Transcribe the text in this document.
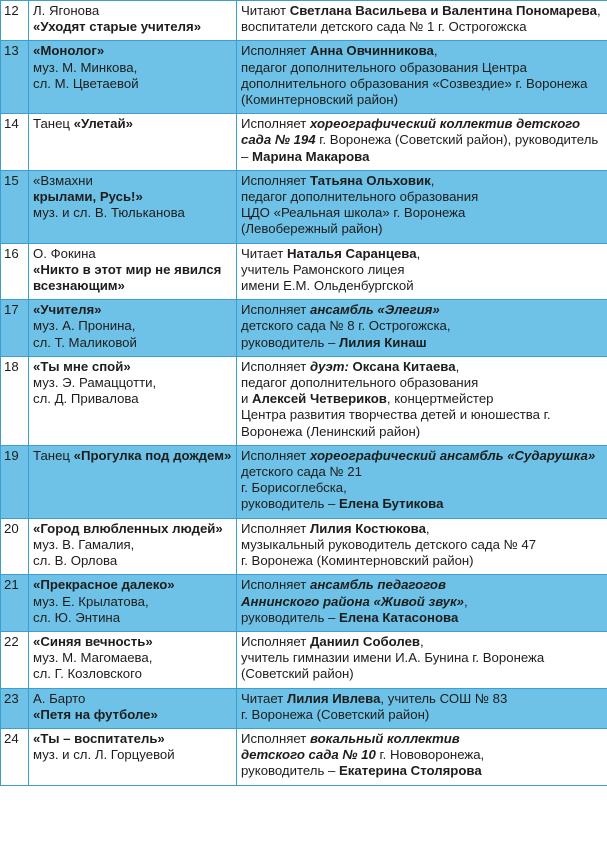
12	Л. Ягонова
«Уходят старые учителя»	Читают Светлана Васильева и Валентина Пономарева, воспитатели детского сада № 1 г. Острогожска
13	«Монолог»
муз. М. Минкова,
сл. М. Цветаевой	Исполняет Анна Овчинникова,
педагог дополнительного образования Центра дополнительного образования «Созвездие» г. Воронежа (Коминтерновский район)
14	Танец «Улетай»	Исполняет хореографический коллектив детского сада № 194 г. Воронежа (Советский район), руководитель – Марина Макарова
15	«Взмахни
крылами, Русь!»
муз. и сл. В. Тюльканова	Исполняет Татьяна Ольховик,
педагог дополнительного образования
ЦДО «Реальная школа» г. Воронежа
(Левобережный район)
16	О. Фокина
«Никто в этот мир не явился всезнающим»	Читает Наталья Саранцева,
учитель Рамонского лицея
имени Е.М. Ольденбургской
17	«Учителя»
муз. А. Пронина,
сл. Т. Маликовой	Исполняет ансамбль «Элегия»
детского сада № 8 г. Острогожска,
руководитель – Лилия Кинаш
18	«Ты мне спой»
муз. Э. Рамаццотти,
сл. Д. Привалова	Исполняет дуэт: Оксана Китаева,
педагог дополнительного образования
и Алексей Четвериков, концертмейстер
Центра развития творчества детей и юношества г. Воронежа (Ленинский район)
19	Танец «Прогулка под дождем»	Исполняет хореографический ансамбль «Сударушка» детского сада № 21
г. Борисоглебска,
руководитель – Елена Бутикова
20	«Город влюбленных людей»
муз. В. Гамалия,
сл. В. Орлова	Исполняет Лилия Костюкова,
музыкальный руководитель детского сада № 47
г. Воронежа (Коминтерновский район)
21	«Прекрасное далеко»
муз. Е. Крылатова,
сл. Ю. Энтина	Исполняет ансамбль педагогов
Аннинского района «Живой звук»,
руководитель – Елена Катасонова
22	«Синяя вечность»
муз. М. Магомаева,
сл. Г. Козловского	Исполняет Даниил Соболев,
учитель гимназии имени И.А. Бунина г. Воронежа
(Советский район)
23	А. Барто
«Петя на футболе»	Читает Лилия Ивлева, учитель СОШ № 83
г. Воронежа (Советский район)
24	«Ты – воспитатель»
муз. и сл. Л. Горцуевой	Исполняет вокальный коллектив
детского сада № 10 г. Нововоронежа,
руководитель – Екатерина Столярова
